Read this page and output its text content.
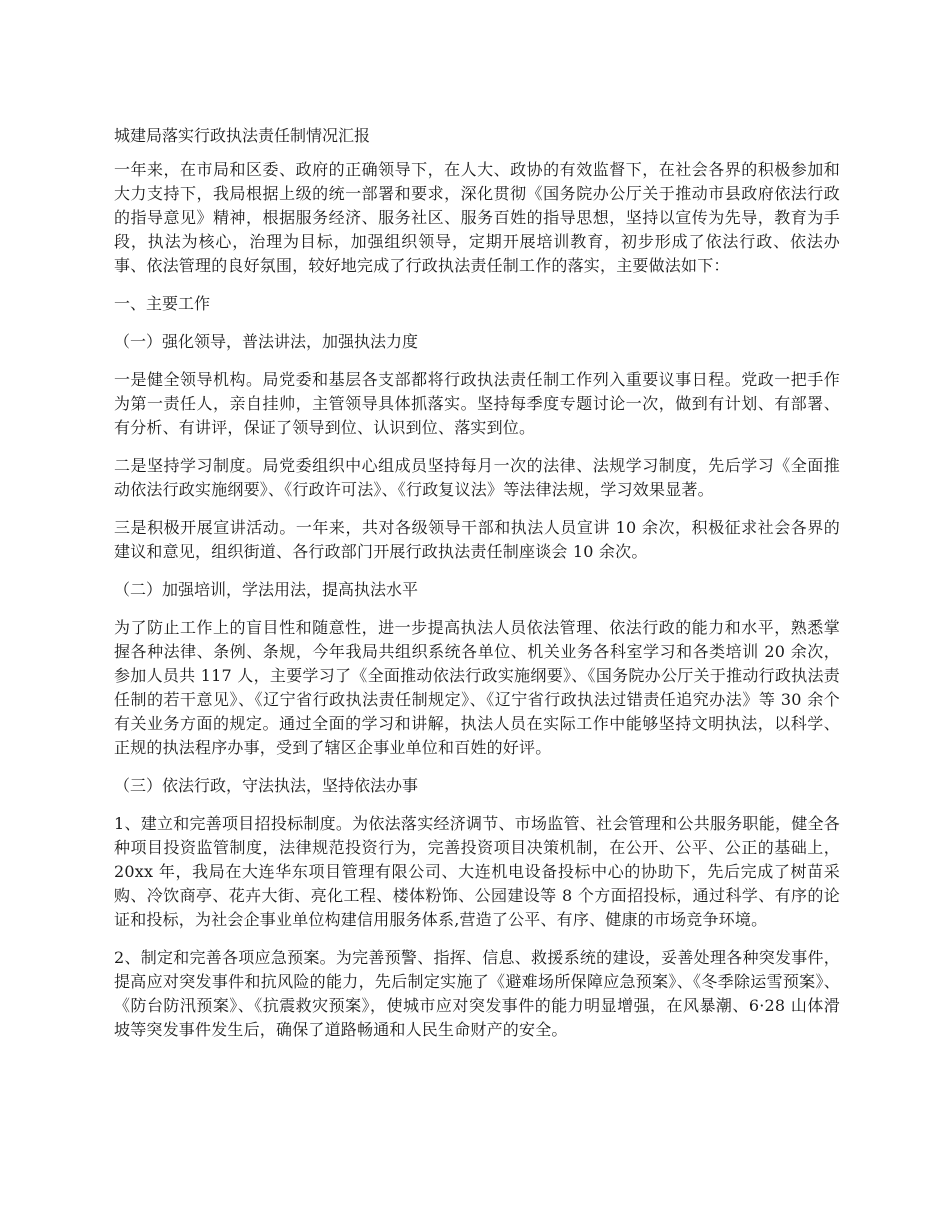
城建局落实行政执法责任制情况汇报
一年来，在市局和区委、政府的正确领导下，在人大、政协的有效监督下，在社会各界的积极参加和大力支持下，我局根据上级的统一部署和要求，深化贯彻《国务院办公厅关于推动市县政府依法行政的指导意见》精神，根据服务经济、服务社区、服务百姓的指导思想，坚持以宣传为先导，教育为手段，执法为核心，治理为目标，加强组织领导，定期开展培训教育，初步形成了依法行政、依法办事、依法管理的良好氛围，较好地完成了行政执法责任制工作的落实，主要做法如下：
一、主要工作
（一）强化领导，普法讲法，加强执法力度
一是健全领导机构。局党委和基层各支部都将行政执法责任制工作列入重要议事日程。党政一把手作为第一责任人，亲自挂帅，主管领导具体抓落实。坚持每季度专题讨论一次，做到有计划、有部署、有分析、有讲评，保证了领导到位、认识到位、落实到位。
二是坚持学习制度。局党委组织中心组成员坚持每月一次的法律、法规学习制度，先后学习《全面推动依法行政实施纲要》、《行政许可法》、《行政复议法》等法律法规，学习效果显著。
三是积极开展宣讲活动。一年来，共对各级领导干部和执法人员宣讲 10 余次，积极征求社会各界的建议和意见，组织街道、各行政部门开展行政执法责任制座谈会 10 余次。
（二）加强培训，学法用法，提高执法水平
为了防止工作上的盲目性和随意性，进一步提高执法人员依法管理、依法行政的能力和水平，熟悉掌握各种法律、条例、条规，今年我局共组织系统各单位、机关业务各科室学习和各类培训 20 余次，参加人员共 117 人，主要学习了《全面推动依法行政实施纲要》、《国务院办公厅关于推动行政执法责任制的若干意见》、《辽宁省行政执法责任制规定》、《辽宁省行政执法过错责任追究办法》等 30 余个有关业务方面的规定。通过全面的学习和讲解，执法人员在实际工作中能够坚持文明执法，以科学、正规的执法程序办事，受到了辖区企事业单位和百姓的好评。
（三）依法行政，守法执法，坚持依法办事
1、建立和完善项目招投标制度。为依法落实经济调节、市场监管、社会管理和公共服务职能，健全各种项目投资监管制度，法律规范投资行为，完善投资项目决策机制，在公开、公平、公正的基础上，20xx 年，我局在大连华东项目管理有限公司、大连机电设备投标中心的协助下，先后完成了树苗采购、冷饮商亭、花卉大街、亮化工程、楼体粉饰、公园建设等 8 个方面招投标，通过科学、有序的论证和投标，为社会企事业单位构建信用服务体系,营造了公平、有序、健康的市场竞争环境。
2、制定和完善各项应急预案。为完善预警、指挥、信息、救援系统的建设，妥善处理各种突发事件，提高应对突发事件和抗风险的能力，先后制定实施了《避难场所保障应急预案》、《冬季除运雪预案》、《防台防汛预案》、《抗震救灾预案》，使城市应对突发事件的能力明显增强，在风暴潮、6·28 山体滑坡等突发事件发生后，确保了道路畅通和人民生命财产的安全。
